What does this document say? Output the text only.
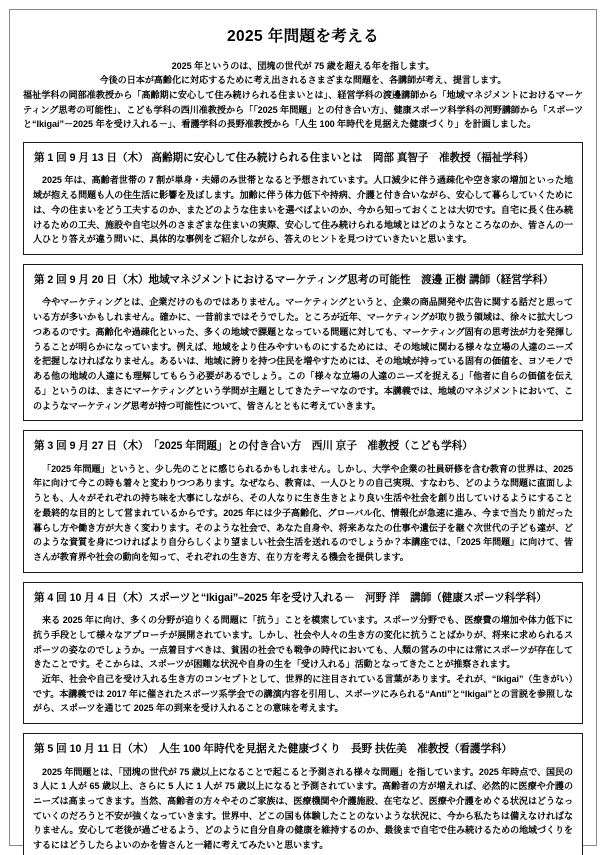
2025 年問題を考える
2025 年というのは、団塊の世代が 75 歳を超える年を指します。
今後の日本が高齢化に対応するために考え出されるさまざまな問題を、各講師が考え、提言します。
福祉学科の岡部准教授から「高齢期に安心して住み続けられる住まいとは」、経営学科の渡邊講師から「地域マネジメントにおけるマーケティング思考の可能性」、こども学科の西川准教授から「「2025 年問題」との付き合い方」、健康スポーツ科学科の河野講師から「スポーツと“Ikigai”－2025 年を受け入れる－」、看護学科の長野准教授から「人生 100 年時代を見据えた健康づくり」を計画しました。
第 1 回 9 月 13 日（木） 高齢期に安心して住み続けられる住まいとは　岡部 真智子　准教授（福祉学科）

2025 年は、高齢者世帯の 7 割が単身・夫婦のみ世帯となると予想されています。人口減少に伴う過疎化や空き家の増加といった地域が抱える問題も人の住生活に影響を及ぼします。加齢に伴う体力低下や持病、介護と付き合いながら、安心して暮らしていくためには、今の住まいをどう工夫するのか、またどのような住まいを選べばよいのか、今から知っておくことは大切です。自宅に長く住み続けるための工夫、施設や自宅以外のさまざまな住まいの実際、安心して住み続けられる地域とはどのようなところなのか、皆さんの一人ひとり答えが違う問いに、具体的な事例をご紹介しながら、答えのヒントを見つけていきたいと思います。

第 2 回 9 月 20 日（木）地域マネジメントにおけるマーケティング思考の可能性　渡邊 正樹 講師（経営学科）

今やマーケティングとは、企業だけのものではありません。マーケティングというと、企業の商品開発や広告に関する話だと思っている方が多いかもしれません。確かに、一昔前まではそうでした。ところが近年、マーケティングが取り扱う領域は、徐々に拡大しつつあるのです。高齢化や過疎化といった、多くの地域で課題となっている問題に対しても、マーケティング固有の思考法が力を発揮しうることが明らかになっています。例えば、地域をより住みやすいものにするためには、その地域に関わる様々な立場の人達のニーズを把握しなければなりません。あるいは、地域に誇りを持つ住民を増やすためには、その地域が持っている固有の価値を、ヨソモノである他の地域の人達にも理解してもらう必要があるでしょう。この「様々な立場の人達のニーズを捉える」「他者に自らの価値を伝える」というのは、まさにマーケティングという学問が主題としてきたテーマなのです。本講義では、地域のマネジメントにおいて、このようなマーケティング思考が持つ可能性について、皆さんとともに考えていきます。

第 3 回 9 月 27 日（木）　「2025 年問題」との付き合い方　西川 京子　准教授（こども学科）

「2025 年問題」というと、少し先のことに感じられるかもしれません。しかし、大学や企業の社員研修を含む教育の世界は、2025 年に向けて今この時も着々と変わりつつあります。なぜなら、教育は、一人ひとりの自己実現、すなわち、どのような問題に直面しようとも、人々がそれぞれの持ち味を大事にしながら、その人なりに生き生きとより良い生活や社会を創り出していけるようにすることを最終的な目的として営まれているからです。2025 年には少子高齢化、グローバル化、情報化が急速に進み、今まで当たり前だった暮らし方や働き方が大きく変わります。そのような社会で、あなた自身や、将来あなたの仕事や遺伝子を継ぐ次世代の子ども達が、どのような資質を身につければより自分らしくより望ましい社会生活を送れるのでしょうか？本講座では、「2025 年問題」に向けて、皆さんが教育界や社会の動向を知って、それぞれの生き方、在り方を考える機会を提供します。

第 4 回 10 月 4 日（木）スポーツと“Ikigai”–2025 年を受け入れる－　河野 洋　講師（健康スポーツ科学科）

来る 2025 年に向け、多くの分野が迫りくる問題に「抗う」ことを模索しています。スポーツ分野でも、医療費の増加や体力低下に抗う手段として様々なアプローチが展開されています。しかし、社会や人々の生き方の変化に抗うことばかりが、将来に求められるスポーツの姿なのでしょうか。一点着目すべきは、貧困の社会でも戦争の時代においても、人類の営みの中には常にスポーツが存在してきたことです。そこからは、スポーツが困難な状況や自身の生を「受け入れる」活動となってきたことが推察されます。

近年、社会や自己を受け入れる生き方のコンセプトとして、世界的に注目されている言葉があります。それが、“Ikigai”（生きがい）です。本講義では 2017 年に催されたスポーツ系学会での講演内容を引用し、スポーツにみられる“Anti”と“Ikigai”との言説を参照しながら、スポーツを通じて 2025 年の到来を受け入れることの意味を考えます。

第 5 回 10 月 11 日（木）　人生 100 年時代を見据えた健康づくり　長野 扶佐美　准教授（看護学科）

2025 年問題とは、「団塊の世代が 75 歳以上になることで起こると予測される様々な問題」を指しています。2025 年時点で、国民の 3 人に 1 人が 65 歳以上、さらに 5 人に 1 人が 75 歳以上になると予測されています。高齢者の方が増えれば、必然的に医療や介護のニーズは高まってきます。当然、高齢者の方々やそのご家族は、医療機関や介護施設、在宅など、医療や介護をめぐる状況はどうなっていくのだろうと不安が強くなっていきます。世界中、どこの国も体験したことのないような状況に、今から私たちは備えなければなりません。安心して老後が過ごせるよう、どのように自分自身の健康を維持するのか、最後まで自宅で住み続けるための地域づくりをするにはどうしたらよいのかを皆さんと一緒に考えてみたいと思います。
